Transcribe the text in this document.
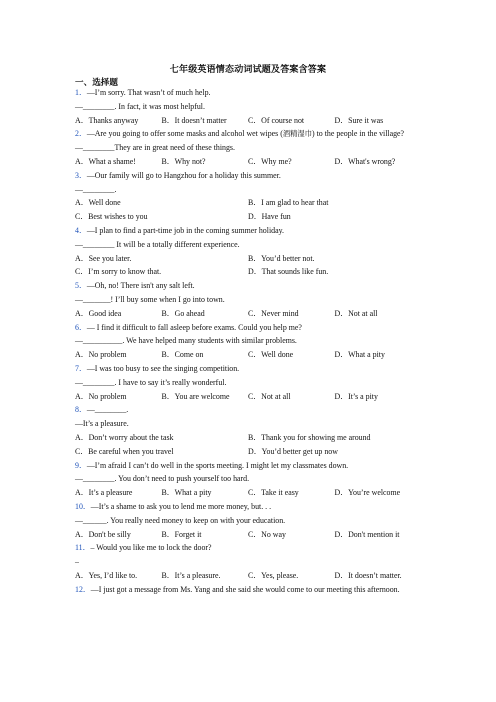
七年级英语情态动词试题及答案含答案
一、选择题
1．—I’m sorry. That wasn’t of much help.
—________. In fact, it was most helpful.
A．Thanks anyway	B．It doesn’t matter	C．Of course not	D．Sure it was
2．—Are you going to offer some masks and alcohol wet wipes (酒精湿巾) to the people in the village?
—________They are in great need of these things.
A．What a shame!	B．Why not?	C．Why me?	D．What's wrong?
3．—Our family will go to Hangzhou for a holiday this summer.
—________.
A．Well done	B．I am glad to hear that
C．Best wishes to you	D．Have fun
4．—I plan to find a part-time job in the coming summer holiday.
—________ It will be a totally different experience.
A．See you later.	B．You’d better not.
C．I’m sorry to know that.	D．That sounds like fun.
5．—Oh, no! There isn't any salt left.
—_______! I’ll buy some when I go into town.
A．Good idea	B．Go ahead	C．Never mind	D．Not at all
6．— I find it difficult to fall asleep before exams. Could you help me?
—__________. We have helped many students with similar problems.
A．No problem	B．Come on	C．Well done	D．What a pity
7．—I was too busy to see the singing competition.
—________. I have to say it’s really wonderful.
A．No problem	B．You are welcome	C．Not at all	D．It’s a pity
8．—________.
—It’s a pleasure.
A．Don’t worry about the task	B．Thank you for showing me around
C．Be careful when you travel	D．You’d better get up now
9．—I’m afraid I can’t do well in the sports meeting. I might let my classmates down.
—________. You don’t need to push yourself too hard.
A．It’s a pleasure	B．What a pity	C．Take it easy	D．You’re welcome
10．—It’s a shame to ask you to lend me more money, but. . .
—______. You really need money to keep on with your education.
A．Don't be silly	B．Forget it	C．No way	D．Don't mention it
11．– Would you like me to lock the door?
–
A．Yes, I’d like to.	B．It’s a pleasure.	C．Yes, please.	D．It doesn’t matter.
12．—I just got a message from Ms. Yang and she said she would come to our meeting this afternoon.
